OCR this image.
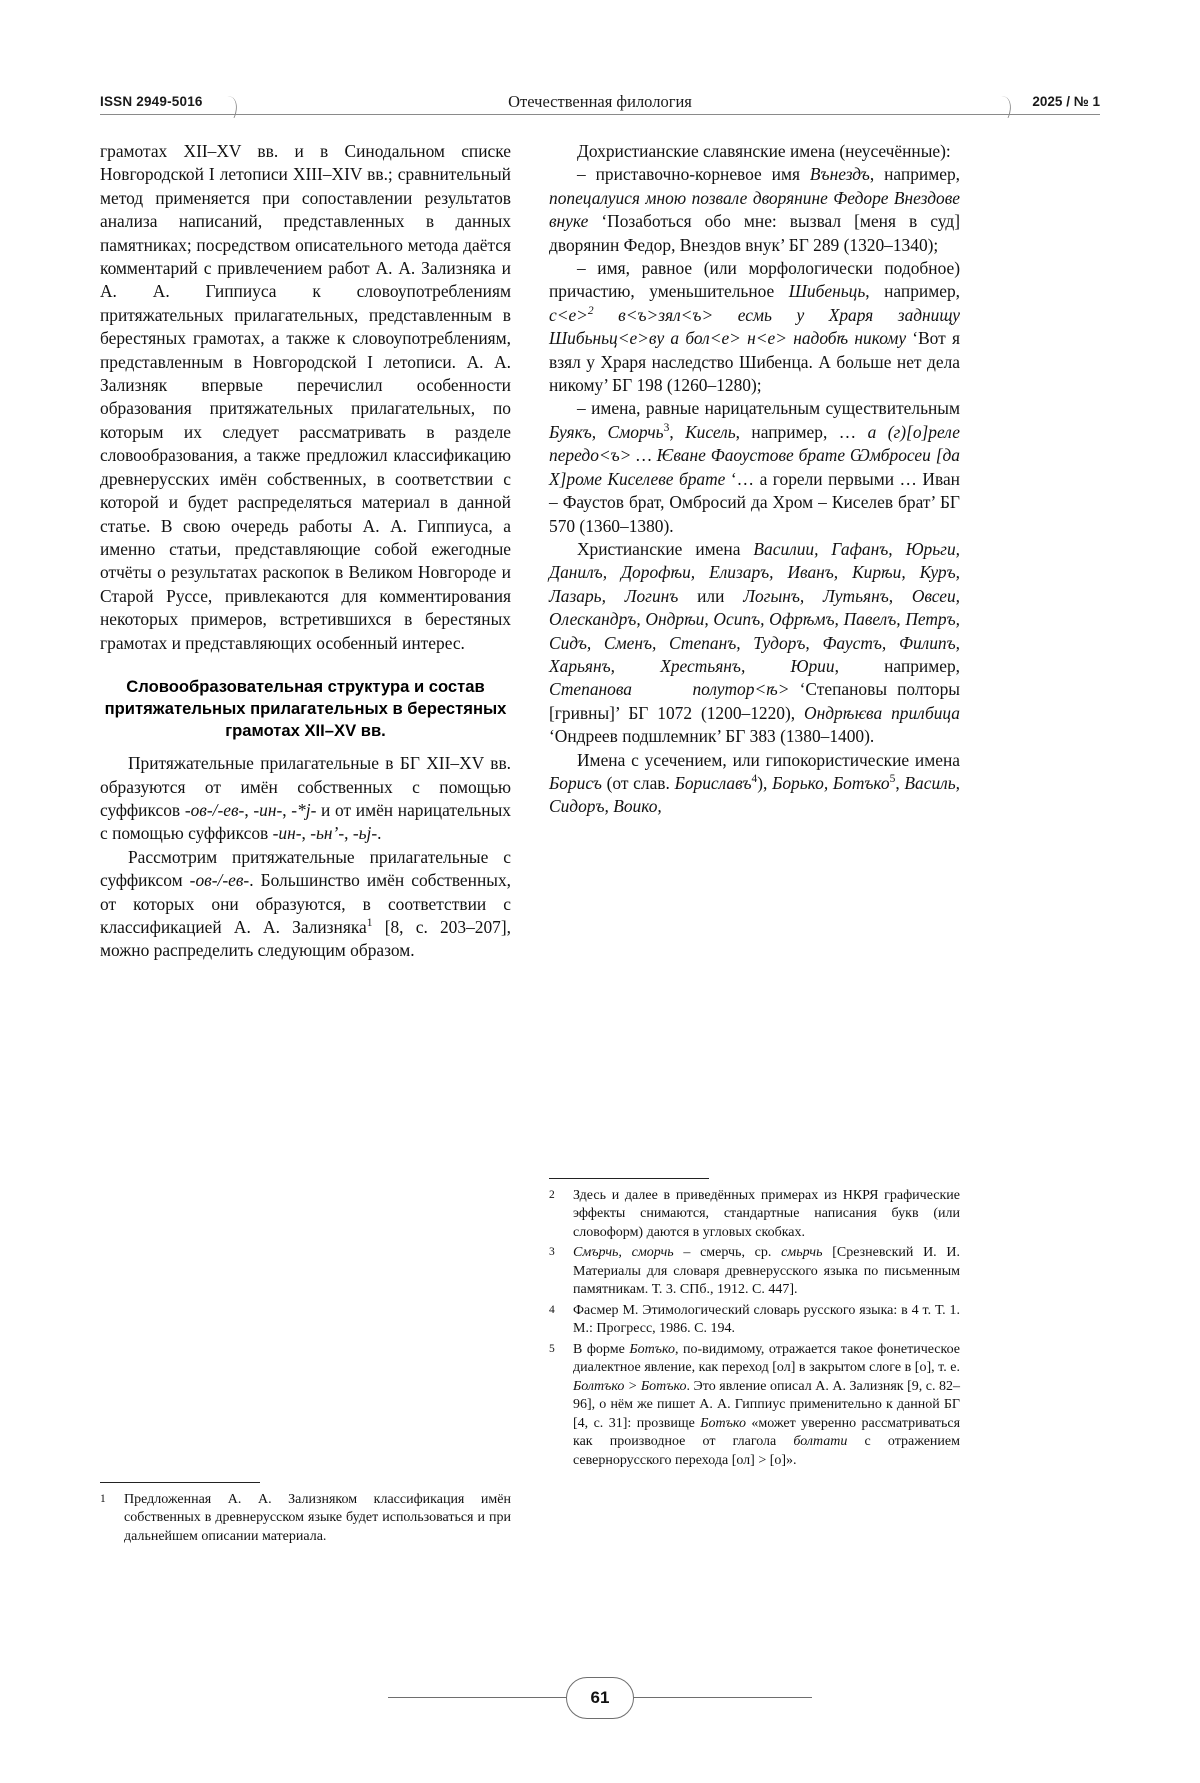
ISSN 2949-5016	Отечественная филология	2025 / № 1

грамотах XII–XV вв. и в Синодальном списке Новгородской I летописи XIII–XIV вв.; сравнительный метод применяется при сопоставлении результатов анализа написаний, представленных в данных памятниках; посредством описательного метода даётся комментарий с привлечением работ А. А. Зализняка и А. А. Гиппиуса к словоупотреблениям притяжательных прилагательных, представленным в берестяных грамотах, а также к словоупотреблениям, представленным в Новгородской I летописи. А. А. Зализняк впервые перечислил особенности образования притяжательных прилагательных, по которым их следует рассматривать в разделе словообразования, а также предложил классификацию древнерусских имён собственных, в соответствии с которой и будет распределяться материал в данной статье. В свою очередь работы А. А. Гиппиуса, а именно статьи, представляющие собой ежегодные отчёты о результатах раскопок в Великом Новгороде и Старой Руссе, привлекаются для комментирования некоторых примеров, встретившихся в берестяных грамотах и представляющих особенный интерес.

Словообразовательная структура и состав притяжательных прилагательных в берестяных грамотах XII–XV вв.

Притяжательные прилагательные в БГ XII–XV вв. образуются от имён собственных с помощью суффиксов -ов-/-ев-, -ин-, -*j- и от имён нарицательных с помощью суффиксов -ин-, -ьн’-, -ьj-.

Рассмотрим притяжательные прилагательные с суффиксом -ов-/-ев-. Большинство имён собственных, от которых они образуются, в соответствии с классификацией А. А. Зализняка$^1$ [8, с. 203–207], можно распределить следующим образом.

Дохристианские славянские имена (неусечённые):

– приставочно-корневое имя Вънездъ, например, попецалуися мною позвале дворянине Федоре Внездове внуке ‘Позаботься обо мне: вызвал [меня в суд] дворянин Федор, Внездов внук’ БГ 289 (1320–1340);

– имя, равное (или морфологически подобное) причастию, уменьшительное Шибеньць, например, с<е>$^2$ в<ъ>зял<ъ> есмь у Храря заднищу Шибьньц<е>ву а бол<е> н<е> надобѣ никому ‘Вот я взял у Храря наследство Шибенца. А больше нет дела никому’ БГ 198 (1260–1280);

– имена, равные нарицательным существительным Буякъ, Сморчь$^3$, Кисель, например, … а (г)[о]реле передо<ъ> … Ѥване Фаоустове брате Ѡмбросеи [да Х]роме Киселеве брате ‘… а горели первыми … Иван – Фаустов брат, Омбросий да Хром – Киселев брат’ БГ 570 (1360–1380).

Христианские имена Василии, Гафанъ, Юрьги, Данилъ, Дорофѣи, Елизаръ, Иванъ, Кирѣи, Куръ, Лазарь, Логинъ или Логынъ, Лутьянъ, Овсеи, Олескандръ, Ондрѣи, Осипъ, Офрѣмъ, Павелъ, Петръ, Сидъ, Сменъ, Степанъ, Тудоръ, Фаустъ, Филипъ, Харьянъ, Хрестьянъ, Юрии, например, Степанова      полутор<ѣ> ‘Степановы полторы [гривны]’ БГ 1072 (1200–1220), Ондрѣѥва прилбица ‘Ондреев подшлемник’ БГ 383 (1380–1400).

Имена с усечением, или гипокористические имена Борисъ (от слав. Бориславъ$^4$), Борько, Ботъко$^5$, Василь, Сидоръ, Воико,

1	Предложенная А. А. Зализняком классификация имён собственных в древнерусском языке будет использоваться и при дальнейшем описании материала.
2	Здесь и далее в приведённых примерах из НКРЯ графические эффекты снимаются, стандартные написания букв (или словоформ) даются в угловых скобках.
3	Смърчь, сморчь – смерчь, ср. смьрчь [Срезневский И. И. Материалы для словаря древнерусского языка по письменным памятникам. Т. 3. СПб., 1912. С. 447].
4	Фасмер М. Этимологический словарь русского языка: в 4 т. Т. 1. М.: Прогресс, 1986. С. 194.
5	В форме Ботъко, по-видимому, отражается такое фонетическое диалектное явление, как переход [ол] в закрытом слоге в [о], т. е. Болтъко > Ботъко. Это явление описал А. А. Зализняк [9, с. 82–96], о нём же пишет А. А. Гиппиус применительно к данной БГ [4, с. 31]: прозвище Ботъко «может уверенно рассматриваться как производное от глагола болтати с отражением севернорусского перехода [ол] > [о]».
61
